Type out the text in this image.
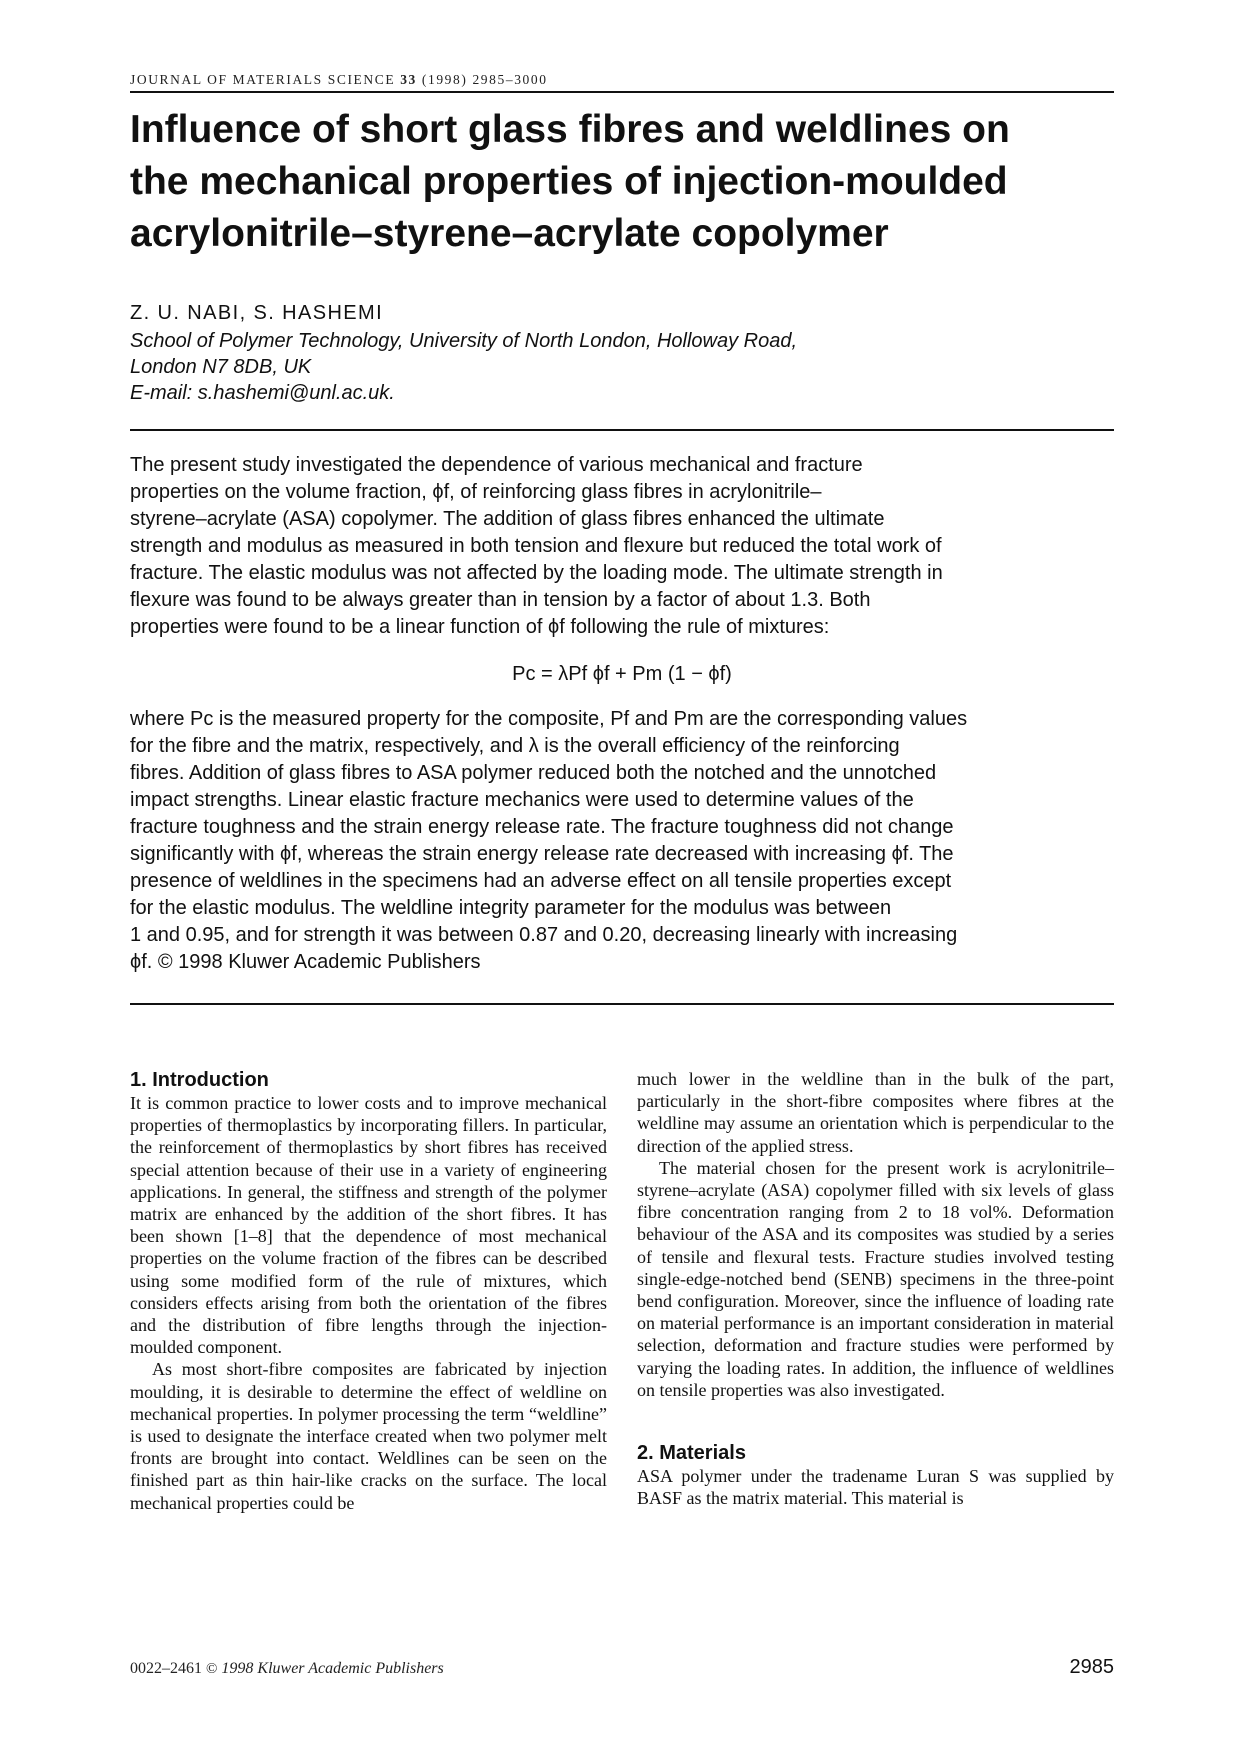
JOURNAL OF MATERIALS SCIENCE 33 (1998) 2985–3000
Influence of short glass fibres and weldlines on
the mechanical properties of injection-moulded
acrylonitrile–styrene–acrylate copolymer
Z. U. NABI, S. HASHEMI
School of Polymer Technology, University of North London, Holloway Road,
London N7 8DB, UK
E-mail: s.hashemi@unl.ac.uk.
The present study investigated the dependence of various mechanical and fracture
properties on the volume fraction, ϕf, of reinforcing glass fibres in acrylonitrile–
styrene–acrylate (ASA) copolymer. The addition of glass fibres enhanced the ultimate
strength and modulus as measured in both tension and flexure but reduced the total work of
fracture. The elastic modulus was not affected by the loading mode. The ultimate strength in
flexure was found to be always greater than in tension by a factor of about 1.3. Both
properties were found to be a linear function of ϕf following the rule of mixtures:
Pc = λPf ϕf + Pm (1 − ϕf)
where Pc is the measured property for the composite, Pf and Pm are the corresponding values
for the fibre and the matrix, respectively, and λ is the overall efficiency of the reinforcing
fibres. Addition of glass fibres to ASA polymer reduced both the notched and the unnotched
impact strengths. Linear elastic fracture mechanics were used to determine values of the
fracture toughness and the strain energy release rate. The fracture toughness did not change
significantly with ϕf, whereas the strain energy release rate decreased with increasing ϕf. The
presence of weldlines in the specimens had an adverse effect on all tensile properties except
for the elastic modulus. The weldline integrity parameter for the modulus was between
1 and 0.95, and for strength it was between 0.87 and 0.20, decreasing linearly with increasing
ϕf. © 1998 Kluwer Academic Publishers
1. Introduction

It is common practice to lower costs and to improve mechanical properties of thermoplastics by incorporating fillers. In particular, the reinforcement of thermoplastics by short fibres has received special attention because of their use in a variety of engineering applications. In general, the stiffness and strength of the polymer matrix are enhanced by the addition of the short fibres. It has been shown [1–8] that the dependence of most mechanical properties on the volume fraction of the fibres can be described using some modified form of the rule of mixtures, which considers effects arising from both the orientation of the fibres and the distribution of fibre lengths through the injection-moulded component.

As most short-fibre composites are fabricated by injection moulding, it is desirable to determine the effect of weldline on mechanical properties. In polymer processing the term “weldline” is used to designate the interface created when two polymer melt fronts are brought into contact. Weldlines can be seen on the finished part as thin hair-like cracks on the surface. The local mechanical properties could be

much lower in the weldline than in the bulk of the part, particularly in the short-fibre composites where fibres at the weldline may assume an orientation which is perpendicular to the direction of the applied stress.

The material chosen for the present work is acrylonitrile–styrene–acrylate (ASA) copolymer filled with six levels of glass fibre concentration ranging from 2 to 18 vol%. Deformation behaviour of the ASA and its composites was studied by a series of tensile and flexural tests. Fracture studies involved testing single-edge-notched bend (SENB) specimens in the three-point bend configuration. Moreover, since the influence of loading rate on material performance is an important consideration in material selection, deformation and fracture studies were performed by varying the loading rates. In addition, the influence of weldlines on tensile properties was also investigated.

2. Materials

ASA polymer under the tradename Luran S was supplied by BASF as the matrix material. This material is

0022–2461 © 1998 Kluwer Academic Publishers	2985
